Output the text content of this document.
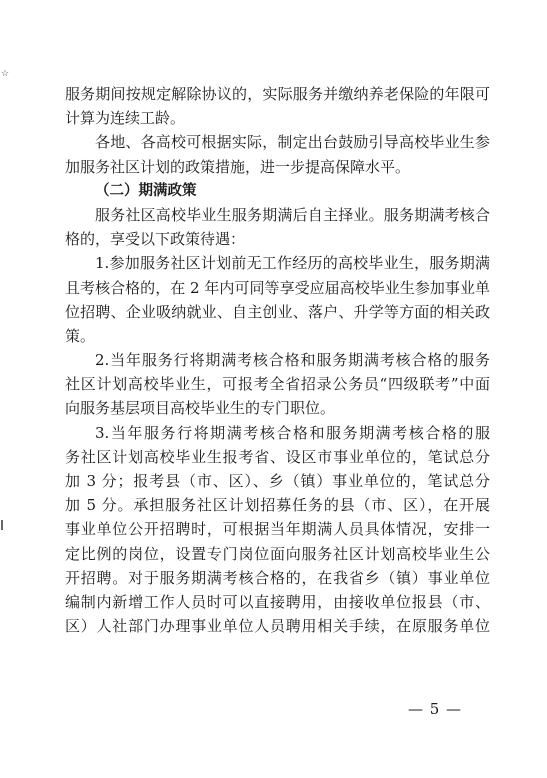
☆
服务期间按规定解除协议的，实际服务并缴纳养老保险的年限可
计算为连续工龄。
各地、各高校可根据实际，制定出台鼓励引导高校毕业生参
加服务社区计划的政策措施，进一步提高保障水平。
（二）期满政策
服务社区高校毕业生服务期满后自主择业。服务期满考核合
格的，享受以下政策待遇：
1.参加服务社区计划前无工作经历的高校毕业生，服务期满
且考核合格的，在 2 年内可同等享受应届高校毕业生参加事业单
位招聘、企业吸纳就业、自主创业、落户、升学等方面的相关政
策。
2.当年服务行将期满考核合格和服务期满考核合格的服务
社区计划高校毕业生，可报考全省招录公务员“四级联考”中面
向服务基层项目高校毕业生的专门职位。
3.当年服务行将期满考核合格和服务期满考核合格的服
务社区计划高校毕业生报考省、设区市事业单位的，笔试总分
加 3 分；报考县（市、区）、乡（镇）事业单位的，笔试总分
加 5 分。承担服务社区计划招募任务的县（市、区），在开展
事业单位公开招聘时，可根据当年期满人员具体情况，安排一
定比例的岗位，设置专门岗位面向服务社区计划高校毕业生公
开招聘。对于服务期满考核合格的，在我省乡（镇）事业单位
编制内新增工作人员时可以直接聘用，由接收单位报县（市、
区）人社部门办理事业单位人员聘用相关手续，在原服务单位
— 5 —
